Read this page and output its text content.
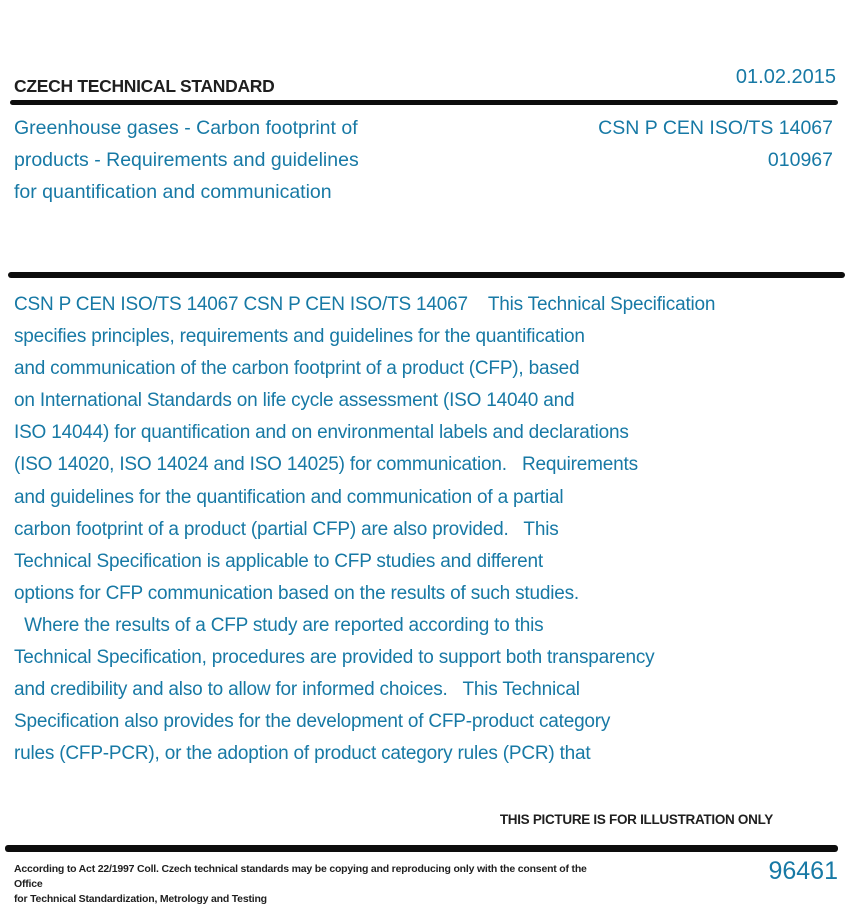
CZECH TECHNICAL STANDARD	01.02.2015
Greenhouse gases - Carbon footprint of
products - Requirements and guidelines
for quantification and communication
CSN P CEN ISO/TS 14067
010967
CSN P CEN ISO/TS 14067 CSN P CEN ISO/TS 14067    This Technical Specification
specifies principles, requirements and guidelines for the quantification
and communication of the carbon footprint of a product (CFP), based
on International Standards on life cycle assessment (ISO 14040 and
ISO 14044) for quantification and on environmental labels and declarations
(ISO 14020, ISO 14024 and ISO 14025) for communication.   Requirements
and guidelines for the quantification and communication of a partial
carbon footprint of a product (partial CFP) are also provided.   This
Technical Specification is applicable to CFP studies and different
options for CFP communication based on the results of such studies.
Where the results of a CFP study are reported according to this
Technical Specification, procedures are provided to support both transparency
and credibility and also to allow for informed choices.   This Technical
Specification also provides for the development of CFP-product category
rules (CFP-PCR), or the adoption of product category rules (PCR) that
THIS PICTURE IS FOR ILLUSTRATION ONLY
According to Act 22/1997 Coll. Czech technical standards may be copying and reproducing only with the consent of the Office
for Technical Standardization, Metrology and Testing
96461
